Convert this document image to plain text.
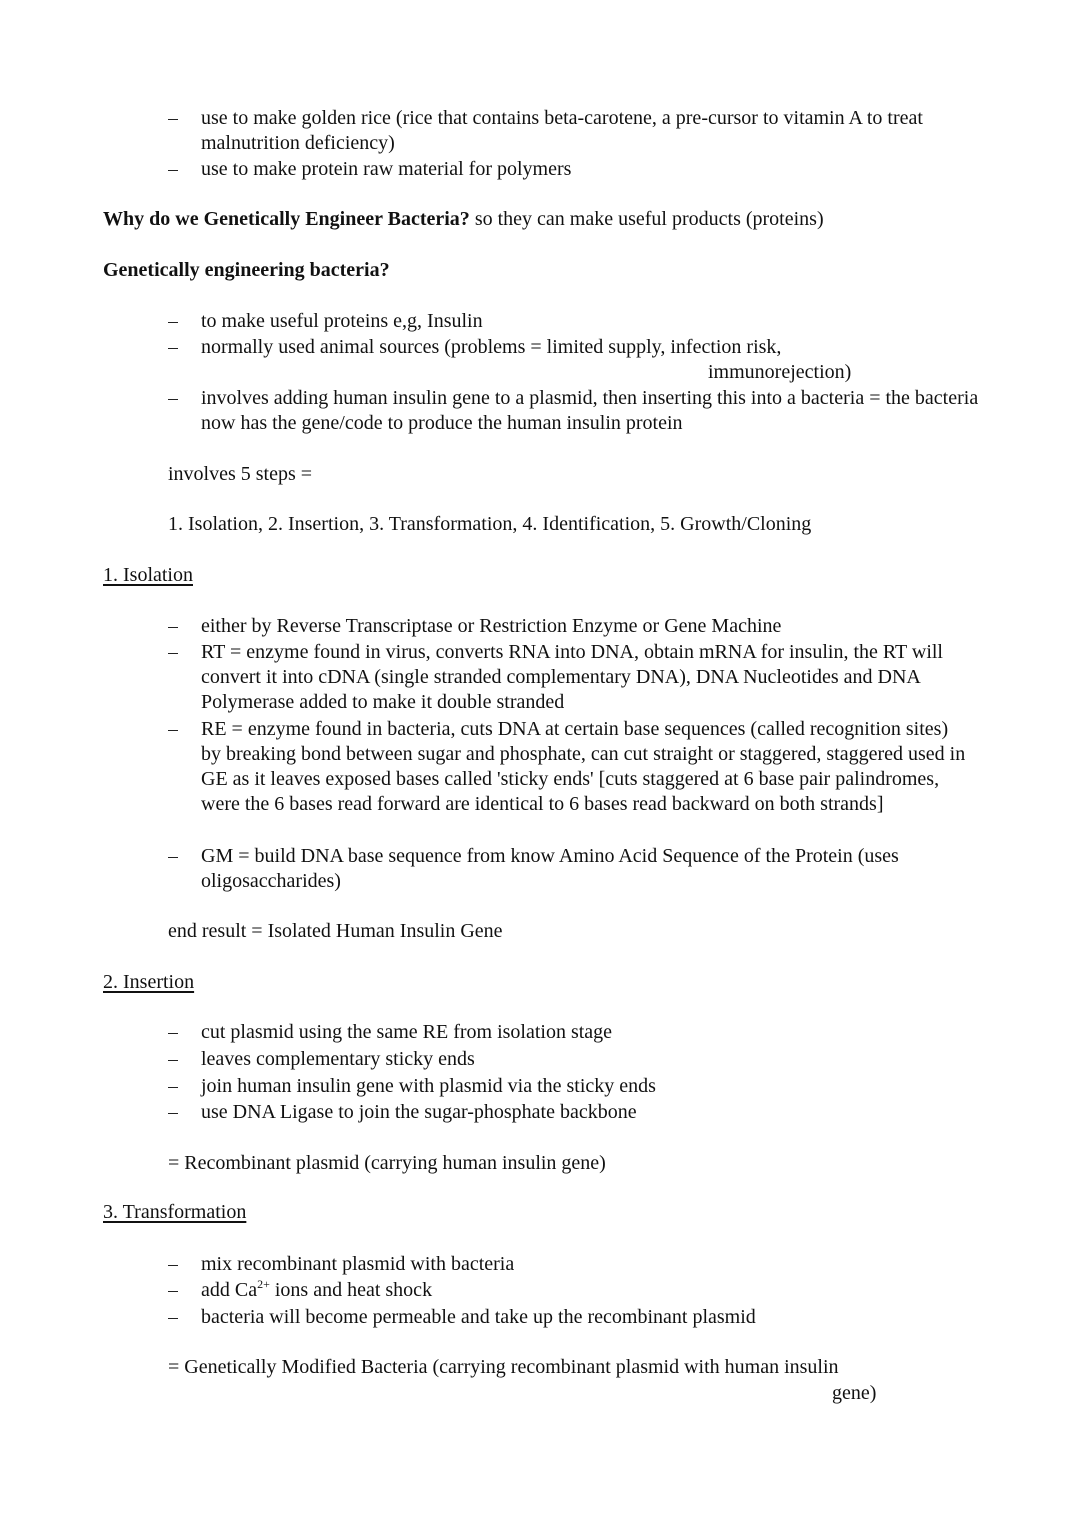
use to make golden rice (rice that contains beta-carotene, a pre-cursor to vitamin A to treat malnutrition deficiency)
use to make protein raw material for polymers
Why do we Genetically Engineer Bacteria? so they can make useful products (proteins)
Genetically engineering bacteria?
to make useful proteins e,g, Insulin
normally used animal sources (problems = limited supply, infection risk,
immunorejection)
involves adding human insulin gene to a plasmid, then inserting this into a bacteria = the bacteria now has the gene/code to produce the human insulin protein
involves 5 steps =
1. Isolation, 2. Insertion, 3. Transformation, 4. Identification, 5. Growth/Cloning
1. Isolation
either by Reverse Transcriptase or Restriction Enzyme or Gene Machine
RT = enzyme found in virus, converts RNA into DNA, obtain mRNA for insulin, the RT will convert it into cDNA (single stranded complementary DNA), DNA Nucleotides and DNA Polymerase added to make it double stranded
RE = enzyme found in bacteria, cuts DNA at certain base sequences (called recognition sites) by breaking bond between sugar and phosphate, can cut straight or staggered, staggered used in GE as it leaves exposed bases called 'sticky ends' [cuts staggered at 6 base pair palindromes, were the 6 bases read forward are identical to 6 bases read backward on both strands]
GM = build DNA base sequence from know Amino Acid Sequence of the Protein (uses oligosaccharides)
end result = Isolated Human Insulin Gene
2. Insertion
cut plasmid using the same RE from isolation stage
leaves complementary sticky ends
join human insulin gene with plasmid via the sticky ends
use DNA Ligase to join the sugar-phosphate backbone
= Recombinant plasmid (carrying human insulin gene)
3. Transformation
mix recombinant plasmid with bacteria
add $Ca^{2+}$ ions and heat shock
bacteria will become permeable and take up the recombinant plasmid
= Genetically Modified Bacteria (carrying recombinant plasmid with human insulin
gene)
